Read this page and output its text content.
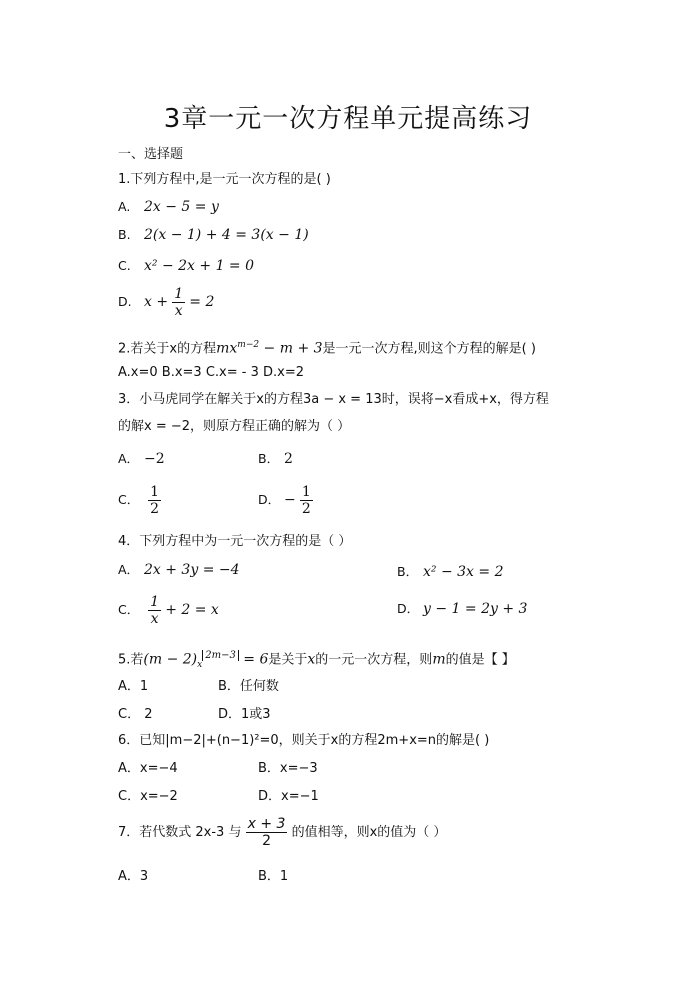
3章一元一次方程单元提高练习
一、选择题
1.下列方程中,是一元一次方程的是( )
A. 2x − 5 = y
B. 2(x − 1) + 4 = 3(x − 1)
C. x² − 2x + 1 = 0
D. $x + \frac{1}{x} = 2$
2.若关于x的方程$mx^{m-2} - m + 3$是一元一次方程,则这个方程的解是( )
A.x=0 B.x=3 C.x= - 3 D.x=2
3．小马虎同学在解关于x的方程3a − x = 13时，误将−x看成+x，得方程
的解x = −2，则原方程正确的解为（ ）
A． −2	B． 2
C． $\frac{1}{2}$	D． − $\frac{1}{2}$
4．下列方程中为一元一次方程的是（ ）
A． 2x + 3y = −4	B． x² − 3x = 2
C． $\frac{1}{x} + 2 = x$	D． y − 1 = 2y + 3
5.若$(m - 2)_x^{2m-3} = 6$是关于x的一元一次方程，则m的值是【 】
A．1	B．任何数
C． 2	D．1或3
6．已知|m−2|+(n−1)²=0，则关于x的方程2m+x=n的解是( )
A．x=−4	B．x=−3
C．x=−2	D．x=−1
7．若代数式 2x-3 与 $\frac{x + 3}{2}$ 的值相等，则x的值为（ ）
A．3	B．1
